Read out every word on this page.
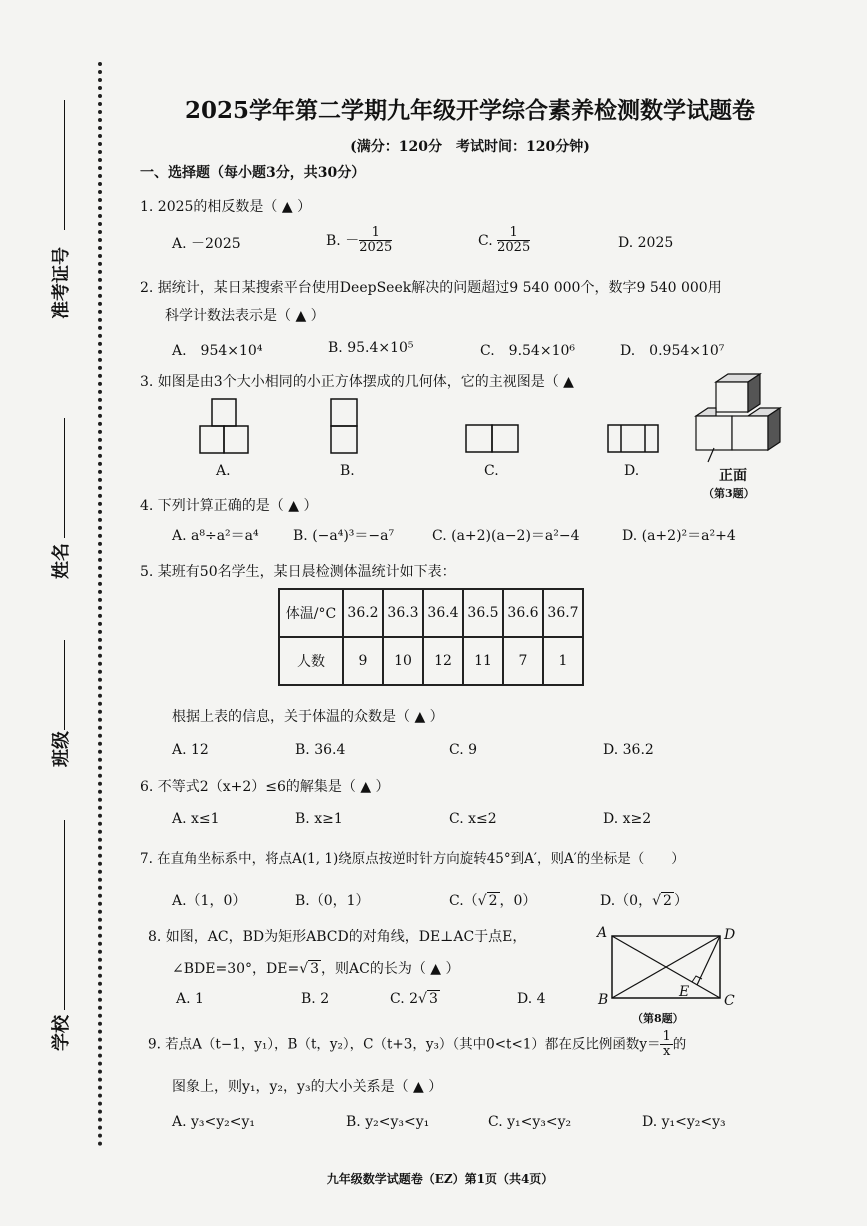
准考证号
姓名
班级
学校
2025学年第二学期九年级开学综合素养检测数学试题卷
(满分：120分　考试时间：120分钟)
一、选择题（每小题3分，共30分）
1. 2025的相反数是（ ▲ ）
A. －2025	B. － $\frac{1}{2025}$	C. $\frac{1}{2025}$	D. 2025
2. 据统计，某日某搜索平台使用DeepSeek解决的问题超过9 540 000个，数字9 540 000用
科学计数法表示是（ ▲ ）
A.　954×10⁴	B. 95.4×10⁵	C.　9.54×10⁶	D.　0.954×10⁷
3. 如图是由3个大小相同的小正方体摆成的几何体，它的主视图是（ ▲
A.	B.	C.	D.	正面
（第3题）
4. 下列计算正确的是（ ▲ ）
A. a⁸÷a²＝a⁴ B. (−a⁴)³＝−a⁷	C. (a+2)(a−2)＝a²−4	D. (a+2)²＝a²+4
5. 某班有50名学生，某日晨检测体温统计如下表：
体温/°C	36.2	36.3	36.4	36.5	36.6	36.7
人数	9	10	12	11	7	1
根据上表的信息，关于体温的众数是（ ▲ ）
A. 12	B. 36.4	C. 9	D. 36.2
6. 不等式2（x+2）≤6的解集是（ ▲ ）
A. x≤1	B. x≥1	C. x≤2	D. x≥2
7. 在直角坐标系中，将点A(1, 1)绕原点按逆时针方向旋转45°到A′，则A′的坐标是（　　）
A.（1，0）	B.（0，1）	C.（√ 2 ，0）	D.（0，√ 2 ）
8. 如图，AC，BD为矩形ABCD的对角线，DE⊥AC于点E，
∠BDE=30°，DE=√ 3 ，则AC的长为（ ▲ ）
A. 1	B. 2	C. 2√ 3	D. 4
A	D
B	C
E
（第8题）
9. 若点A（t−1，y₁），B（t，y₂），C（t+3，y₃）（其中0<t<1）都在反比例函数$y= \frac{1}{x}$ 的
图象上，则y₁，y₂，y₃的大小关系是（ ▲ ）
A. y₃<y₂<y₁	B. y₂<y₃<y₁	C. y₁<y₃<y₂	D. y₁<y₂<y₃
九年级数学试题卷（EZ）第1页（共4页）
